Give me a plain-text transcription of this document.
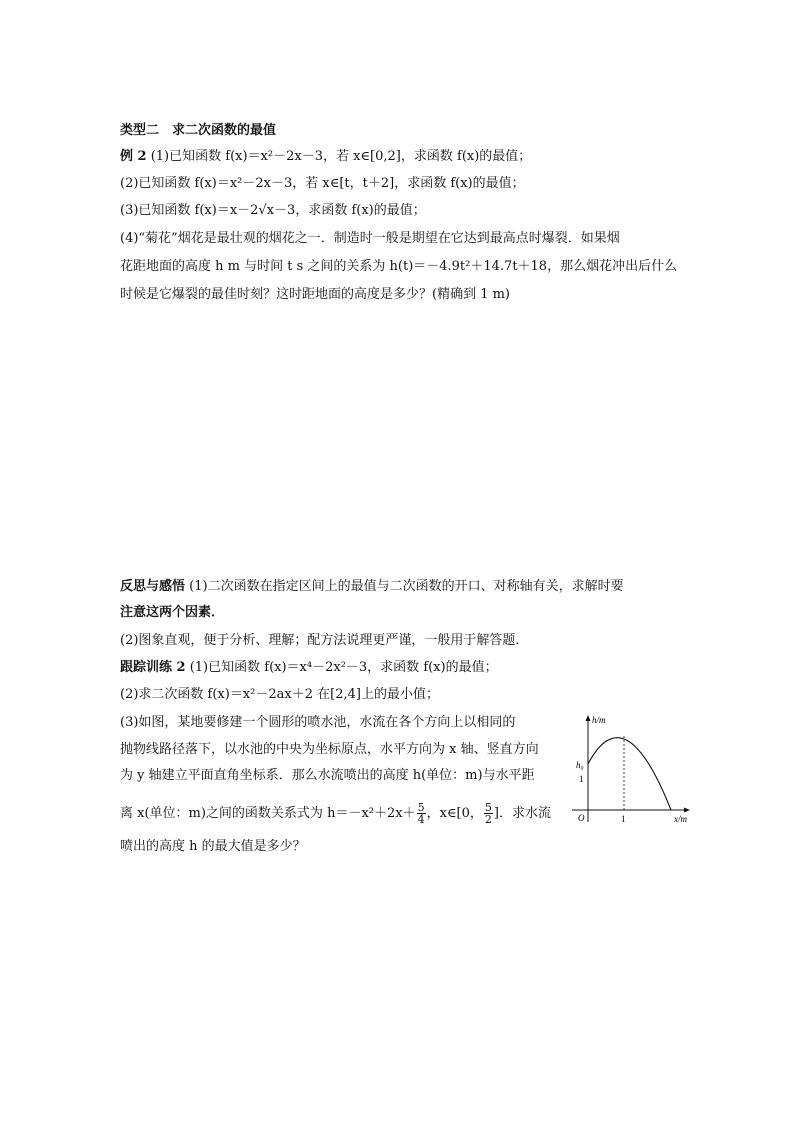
类型二　求二次函数的最值
例 2 (1)已知函数 f(x)＝x²－2x－3，若 x∈[0,2]，求函数 f(x)的最值；
(2)已知函数 f(x)＝x²－2x－3，若 x∈[t，t＋2]，求函数 f(x)的最值；
(3)已知函数 f(x)＝x－2√x－3，求函数 f(x)的最值；
(4)“菊花”烟花是最壮观的烟花之一．制造时一般是期望在它达到最高点时爆裂．如果烟
花距地面的高度 h m 与时间 t s 之间的关系为 h(t)＝－4.9t²＋14.7t＋18，那么烟花冲出后什么
时候是它爆裂的最佳时刻？这时距地面的高度是多少？(精确到 1 m)
反思与感悟 (1)二次函数在指定区间上的最值与二次函数的开口、对称轴有关，求解时要
注意这两个因素．
(2)图象直观，便于分析、理解；配方法说理更严谨，一般用于解答题．
跟踪训练 2 (1)已知函数 f(x)＝x⁴－2x²－3，求函数 f(x)的最值；
(2)求二次函数 f(x)＝x²－2ax＋2 在[2,4]上的最小值；
(3)如图，某地要修建一个圆形的喷水池，水流在各个方向上以相同的
抛物线路径落下，以水池的中央为坐标原点，水平方向为 x 轴、竖直方向
为 y 轴建立平面直角坐标系．那么水流喷出的高度 h(单位：m)与水平距
离 x(单位：m)之间的函数关系式为 $h=-x^2+2x+ \frac{5}{4}$ ，x∈[0， $\frac{5}{2}$ ]．求水流
喷出的高度 h 的最大值是多少？
h/m
x/m
O
h₀
1
1
